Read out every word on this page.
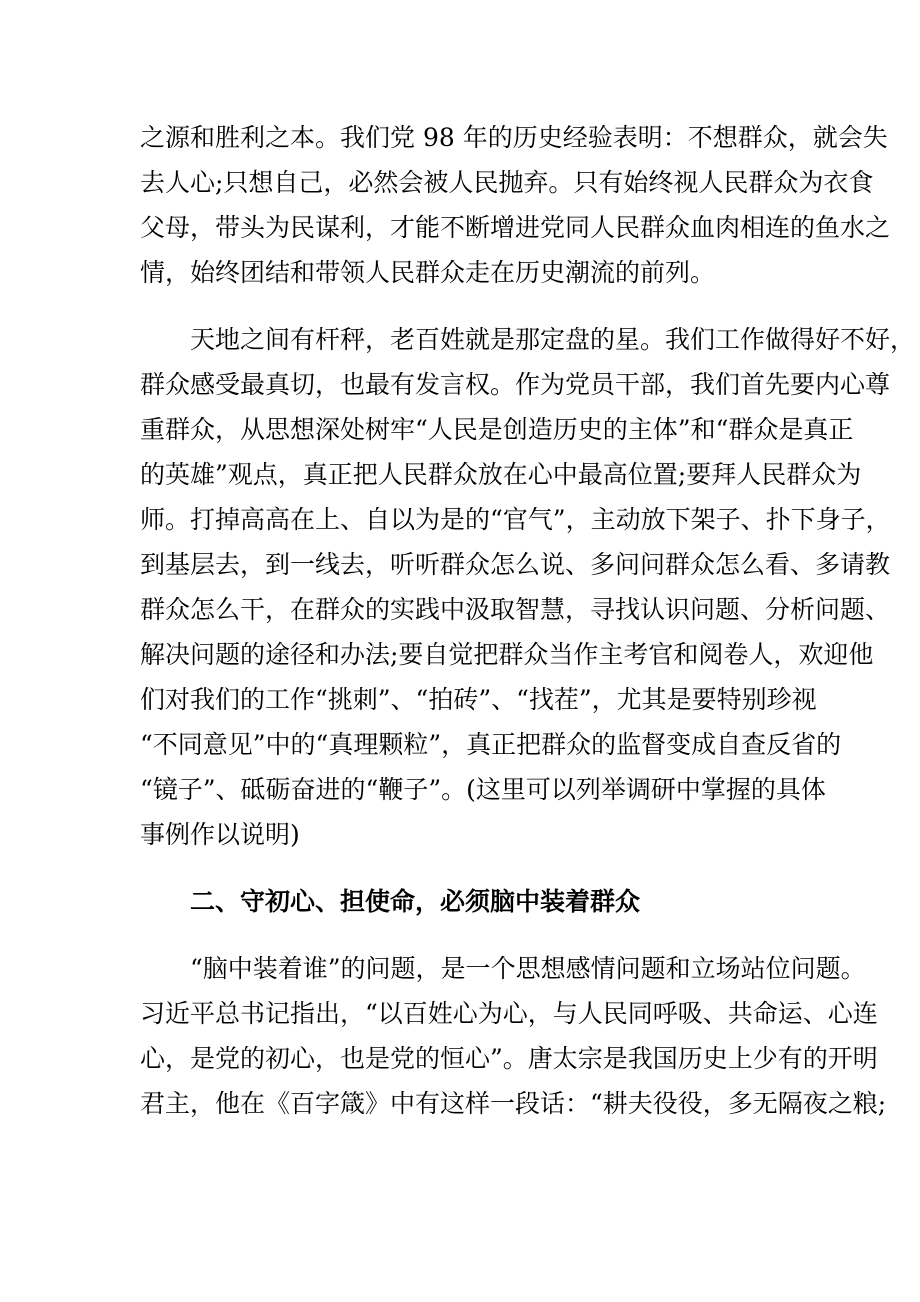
之源和胜利之本。我们党 98 年的历史经验表明：不想群众，就会失
去人心;只想自己，必然会被人民抛弃。只有始终视人民群众为衣食
父母，带头为民谋利，才能不断增进党同人民群众血肉相连的鱼水之
情，始终团结和带领人民群众走在历史潮流的前列。
天地之间有杆秤，老百姓就是那定盘的星。我们工作做得好不好，
群众感受最真切，也最有发言权。作为党员干部，我们首先要内心尊
重群众，从思想深处树牢“人民是创造历史的主体”和“群众是真正
的英雄”观点，真正把人民群众放在心中最高位置;要拜人民群众为
师。打掉高高在上、自以为是的“官气”，主动放下架子、扑下身子，
到基层去，到一线去，听听群众怎么说、多问问群众怎么看、多请教
群众怎么干，在群众的实践中汲取智慧，寻找认识问题、分析问题、
解决问题的途径和办法;要自觉把群众当作主考官和阅卷人，欢迎他
们对我们的工作“挑刺”、“拍砖”、“找茬”，尤其是要特别珍视
“不同意见”中的“真理颗粒”，真正把群众的监督变成自查反省的
“镜子”、砥砺奋进的“鞭子”。(这里可以列举调研中掌握的具体
事例作以说明)
二、守初心、担使命，必须脑中装着群众
“脑中装着谁”的问题，是一个思想感情问题和立场站位问题。
习近平总书记指出，“以百姓心为心，与人民同呼吸、共命运、心连
心，是党的初心，也是党的恒心”。唐太宗是我国历史上少有的开明
君主，他在《百字箴》中有这样一段话：“耕夫役役，多无隔夜之粮;
